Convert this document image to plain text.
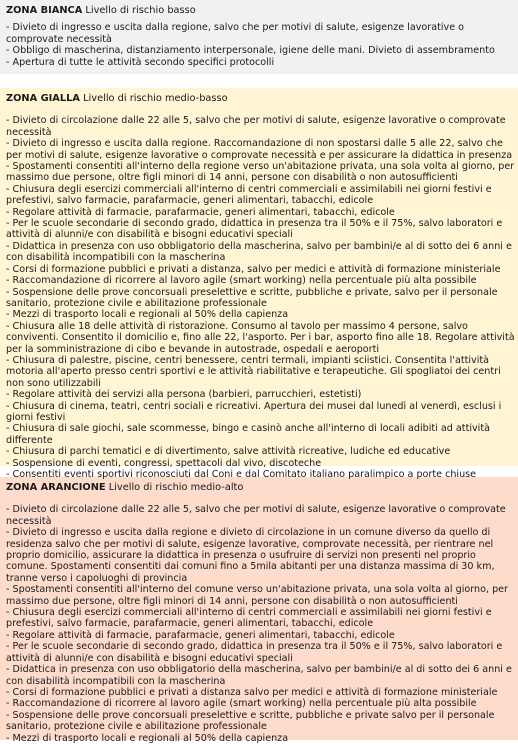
ZONA BIANCA Livello di rischio basso
- Divieto di ingresso e uscita dalla regione, salvo che per motivi di salute, esigenze lavorative o comprovate necessità
- Obbligo di mascherina, distanziamento interpersonale, igiene delle mani. Divieto di assembramento
- Apertura di tutte le attività secondo specifici protocolli
ZONA GIALLA Livello di rischio medio-basso
- Divieto di circolazione dalle 22 alle 5, salvo che per motivi di salute, esigenze lavorative o comprovate necessità
- Divieto di ingresso e uscita dalla regione. Raccomandazione di non spostarsi dalle 5 alle 22, salvo che per motivi di salute, esigenze lavorative o comprovate necessità e per assicurare la didattica in presenza
- Spostamenti consentiti all'interno della regione verso un'abitazione privata, una sola volta al giorno, per massimo due persone, oltre figli minori di 14 anni, persone con disabilità o non autosufficienti
- Chiusura degli esercizi commerciali all'interno di centri commerciali e assimilabili nei giorni festivi e prefestivi, salvo farmacie, parafarmacie, generi alimentari, tabacchi, edicole
- Regolare attività di farmacie, parafarmacie, generi alimentari, tabacchi, edicole
- Per le scuole secondarie di secondo grado, didattica in presenza tra il 50% e il 75%, salvo laboratori e attività di alunni/e con disabilità e bisogni educativi speciali
- Didattica in presenza con uso obbligatorio della mascherina, salvo per bambini/e al di sotto dei 6 anni e con disabilità incompatibili con la mascherina
- Corsi di formazione pubblici e privati a distanza, salvo per medici e attività di formazione ministeriale
- Raccomandazione di ricorrere al lavoro agile (smart working) nella percentuale più alta possibile
- Sospensione delle prove concorsuali preselettive e scritte, pubbliche e private, salvo per il personale sanitario, protezione civile e abilitazione professionale
- Mezzi di trasporto locali e regionali al 50% della capienza
- Chiusura alle 18 delle attività di ristorazione. Consumo al tavolo per massimo 4 persone, salvo conviventi. Consentito il domicilio e, fino alle 22, l'asporto. Per i bar, asporto fino alle 18. Regolare attività per la somministrazione di cibo e bevande in autostrade, ospedali e aeroporti
- Chiusura di palestre, piscine, centri benessere, centri termali, impianti sciistici. Consentita l'attività motoria all'aperto presso centri sportivi e le attività riabilitative e terapeutiche. Gli spogliatoi dei centri non sono utilizzabili
- Regolare attività dei servizi alla persona (barbieri, parrucchieri, estetisti)
- Chiusura di cinema, teatri, centri sociali e ricreativi. Apertura dei musei dal lunedì al venerdì, esclusi i giorni festivi
- Chiusura di sale giochi, sale scommesse, bingo e casinò anche all'interno di locali adibiti ad attività differente
- Chiusura di parchi tematici e di divertimento, salve attività ricreative, ludiche ed educative
- Sospensione di eventi, congressi, spettacoli dal vivo, discoteche
- Consentiti eventi sportivi riconosciuti dal Coni e dal Comitato italiano paralimpico a porte chiuse
ZONA ARANCIONE Livello di rischio medio-alto
- Divieto di circolazione dalle 22 alle 5, salvo che per motivi di salute, esigenze lavorative o comprovate necessità
- Divieto di ingresso e uscita dalla regione e divieto di circolazione in un comune diverso da quello di residenza salvo che per motivi di salute, esigenze lavorative, comprovate necessità, per rientrare nel proprio domicilio, assicurare la didattica in presenza o usufruire di servizi non presenti nel proprio comune. Spostamenti consentiti dai comuni fino a 5mila abitanti per una distanza massima di 30 km, tranne verso i capoluoghi di provincia
- Spostamenti consentiti all'interno del comune verso un'abitazione privata, una sola volta al giorno, per massimo due persone, oltre figli minori di 14 anni, persone con disabilità o non autosufficienti
- Chiusura degli esercizi commerciali all'interno di centri commerciali e assimilabili nei giorni festivi e prefestivi, salvo farmacie, parafarmacie, generi alimentari, tabacchi, edicole
- Regolare attività di farmacie, parafarmacie, generi alimentari, tabacchi, edicole
- Per le scuole secondarie di secondo grado, didattica in presenza tra il 50% e il 75%, salvo laboratori e attività di alunni/e con disabilità e bisogni educativi speciali
- Didattica in presenza con uso obbligatorio della mascherina, salvo per bambini/e al di sotto dei 6 anni e con disabilità incompatibili con la mascherina
- Corsi di formazione pubblici e privati a distanza salvo per medici e attività di formazione ministeriale
- Raccomandazione di ricorrere al lavoro agile (smart working) nella percentuale più alta possibile
- Sospensione delle prove concorsuali preselettive e scritte, pubbliche e private salvo per il personale sanitario, protezione civile e abilitazione professionale
- Mezzi di trasporto locali e regionali al 50% della capienza
